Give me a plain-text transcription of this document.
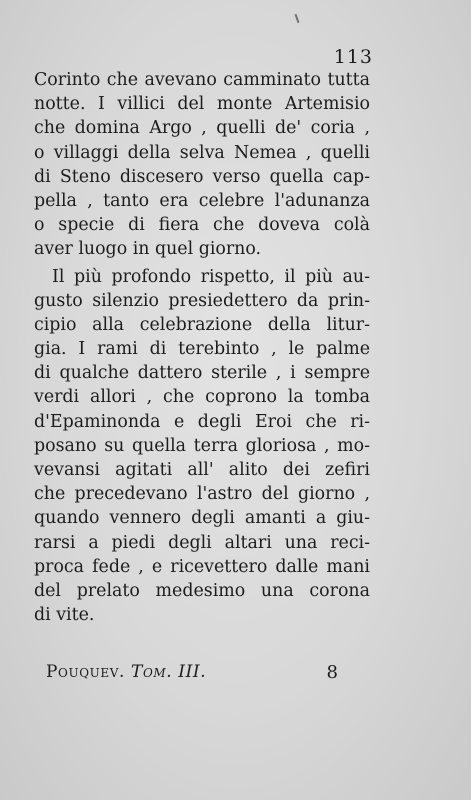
113
Corinto che avevano camminato tutta
notte. I villici del monte Artemisio
che domina Argo , quelli de' coria ,
o villaggi della selva Nemea , quelli
di Steno discesero verso quella cap-
pella , tanto era celebre l'adunanza
o specie di fiera che doveva colà
aver luogo in quel giorno.
Il più profondo rispetto, il più au-
gusto silenzio presiedettero da prin-
cipio alla celebrazione della litur-
gia. I rami di terebinto , le palme
di qualche dattero sterile , i sempre
verdi allori , che coprono la tomba
d'Epaminonda e degli Eroi che ri-
posano su quella terra gloriosa , mo-
vevansi agitati all' alito dei zefiri
che precedevano l'astro del giorno ,
quando vennero degli amanti a giu-
rarsi a piedi degli altari una reci-
proca fede , e ricevettero dalle mani
del prelato medesimo una corona
di vite.
Pouquev. Tom. III.	8
